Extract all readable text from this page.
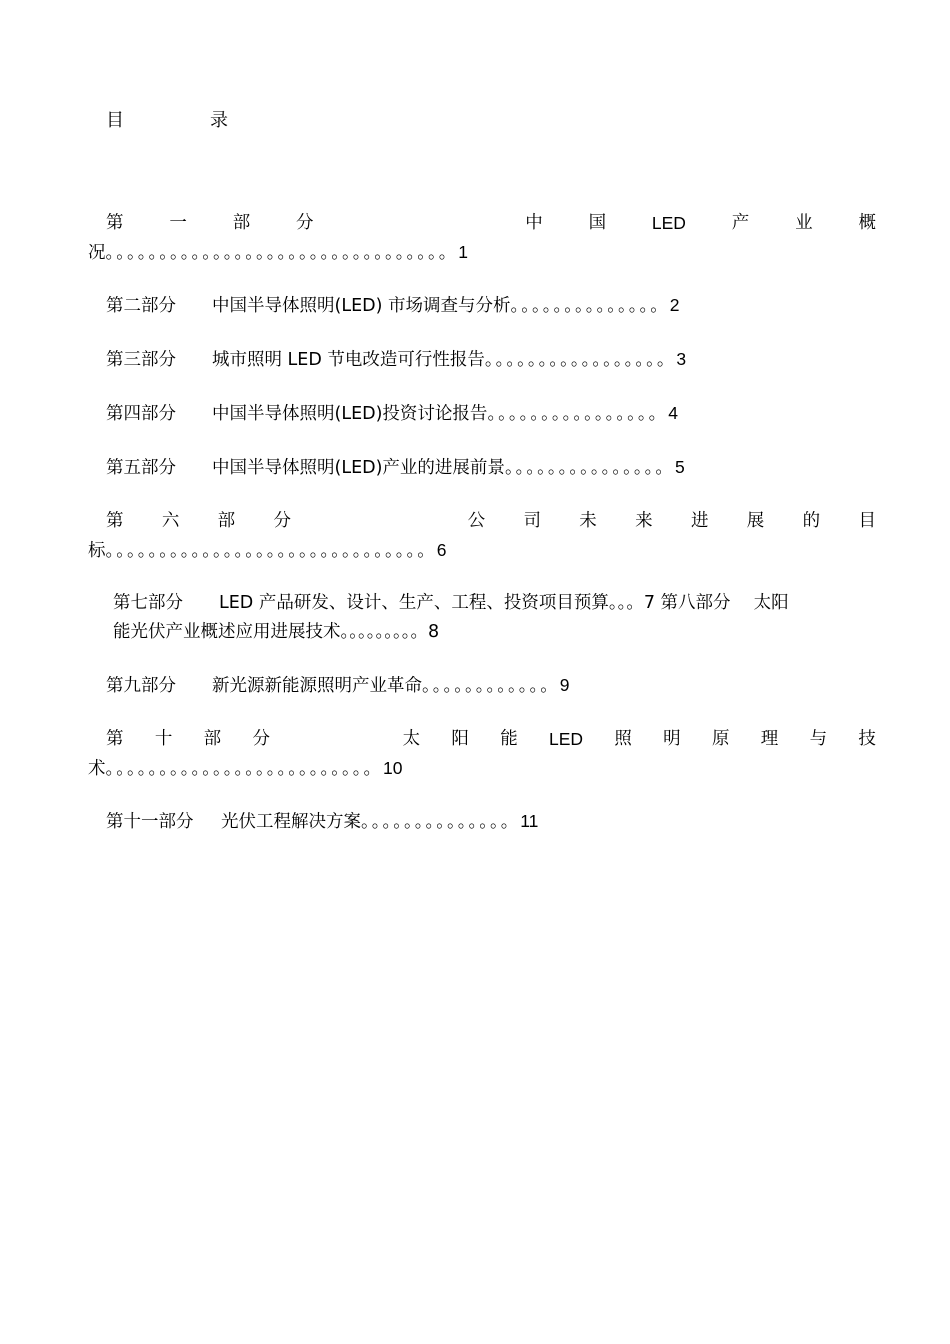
目　录
第	一	部	分	中	国	LED	产	业	概
况。。。。。。。。。。。。。。。。。。。。。。。。。。。。。。。。1
第二部分 中国半导体照明(LED) 市场调查与分析。。。。。。。。。。。。。。2
第三部分 城市照明 LED 节电改造可行性报告。。。。。。。。。。。。。。。。。3
第四部分 中国半导体照明(LED)投资讨论报告。。。。。。。。。。。。。。。。4
第五部分 中国半导体照明(LED)产业的进展前景。。。。。。。。。。。。。。。5
第 六 部 分	公 司 未 来 进 展 的 目
标。。。。。。。。。。。。。。。。。。。。。。。。。。。。。。6
第七部分 LED 产品研发、设计、生产、工程、投资项目预算。。。7 第八部分　 太阳
能光伏产业概述应用进展技术。。。。。。。。。8
第九部分 新光源新能源照明产业革命。。。。。。。。。。。。9
第 十 部 分	太 阳 能 LED 照 明 原 理 与 技
术。。。。。。。。。。。。。。。。。。。。。。。。。10
第十一部分 光伏工程解决方案。。。。。。。。。。。。。。11
